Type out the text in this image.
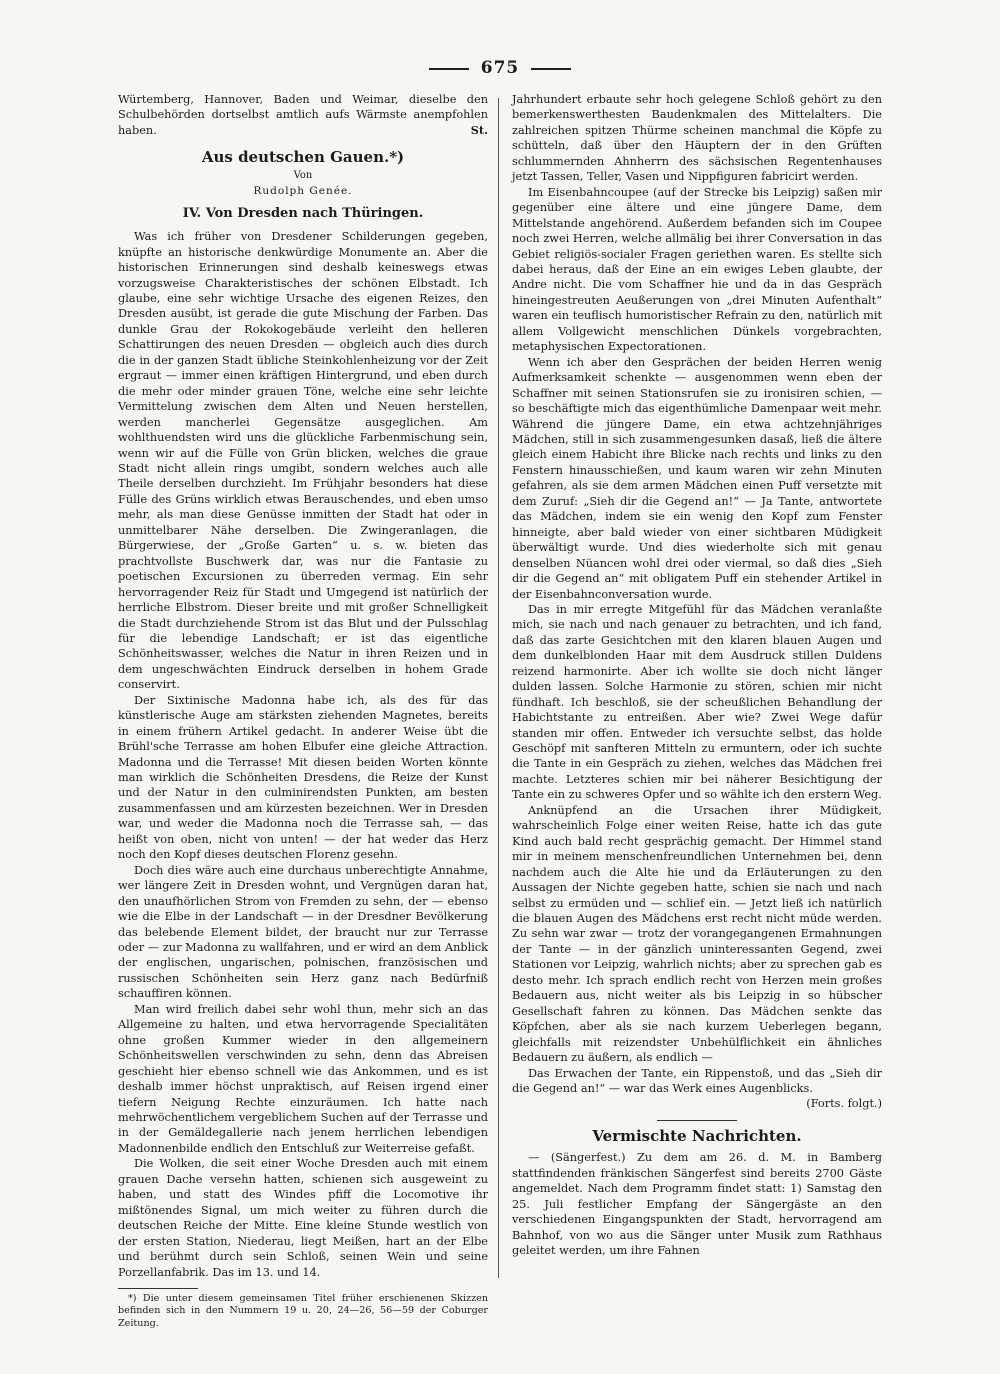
675

Würtemberg, Hannover, Baden und Weimar, dieselbe den Schulbehörden dortselbst amtlich aufs Wärmste anempfohlen haben.	St.

Aus deutschen Gauen.*)
Von
Rudolph Genée.
IV. Von Dresden nach Thüringen.

Was ich früher von Dresdener Schilderungen gegeben, knüpfte an historische denkwürdige Monumente an. Aber die historischen Erinnerungen sind deshalb keineswegs etwas vorzugsweise Charakteristisches der schönen Elbstadt. Ich glaube, eine sehr wichtige Ursache des eigenen Reizes, den Dresden ausübt, ist gerade die gute Mischung der Farben. Das dunkle Grau der Rokokogebäude verleiht den helleren Schattirungen des neuen Dresden — obgleich auch dies durch die in der ganzen Stadt übliche Steinkohlenheizung vor der Zeit ergraut — immer einen kräftigen Hintergrund, und eben durch die mehr oder minder grauen Töne, welche eine sehr leichte Vermittelung zwischen dem Alten und Neuen herstellen, werden mancherlei Gegensätze ausgeglichen. Am wohlthuendsten wird uns die glückliche Farbenmischung sein, wenn wir auf die Fülle von Grün blicken, welches die graue Stadt nicht allein rings umgibt, sondern welches auch alle Theile derselben durchzieht. Im Frühjahr besonders hat diese Fülle des Grüns wirklich etwas Berauschendes, und eben umso mehr, als man diese Genüsse inmitten der Stadt hat oder in unmittelbarer Nähe derselben. Die Zwingeranlagen, die Bürgerwiese, der „Große Garten“ u. s. w. bieten das prachtvollste Buschwerk dar, was nur die Fantasie zu poetischen Excursionen zu überreden vermag. Ein sehr hervorragender Reiz für Stadt und Umgegend ist natürlich der herrliche Elbstrom. Dieser breite und mit großer Schnelligkeit die Stadt durchziehende Strom ist das Blut und der Pulsschlag für die lebendige Landschaft; er ist das eigentliche Schönheitswasser, welches die Natur in ihren Reizen und in dem ungeschwächten Eindruck derselben in hohem Grade conservirt.

Der Sixtinische Madonna habe ich, als des für das künstlerische Auge am stärksten ziehenden Magnetes, bereits in einem frühern Artikel gedacht. In anderer Weise übt die Brühl'sche Terrasse am hohen Elbufer eine gleiche Attraction. Madonna und die Terrasse! Mit diesen beiden Worten könnte man wirklich die Schönheiten Dresdens, die Reize der Kunst und der Natur in den culminirendsten Punkten, am besten zusammenfassen und am kürzesten bezeichnen. Wer in Dresden war, und weder die Madonna noch die Terrasse sah, — das heißt von oben, nicht von unten! — der hat weder das Herz noch den Kopf dieses deutschen Florenz gesehn.

Doch dies wäre auch eine durchaus unberechtigte Annahme, wer längere Zeit in Dresden wohnt, und Vergnügen daran hat, den unaufhörlichen Strom von Fremden zu sehn, der — ebenso wie die Elbe in der Landschaft — in der Dresdner Bevölkerung das belebende Element bildet, der braucht nur zur Terrasse oder — zur Madonna zu wallfahren, und er wird an dem Anblick der englischen, ungarischen, polnischen, französischen und russischen Schönheiten sein Herz ganz nach Bedürfniß schauffiren können.

Man wird freilich dabei sehr wohl thun, mehr sich an das Allgemeine zu halten, und etwa hervorragende Specialitäten ohne großen Kummer wieder in den allgemeinern Schönheitswellen verschwinden zu sehn, denn das Abreisen geschieht hier ebenso schnell wie das Ankommen, und es ist deshalb immer höchst unpraktisch, auf Reisen irgend einer tiefern Neigung Rechte einzuräumen. Ich hatte nach mehrwöchentlichem vergeblichem Suchen auf der Terrasse und in der Gemäldegallerie nach jenem herrlichen lebendigen Madonnenbilde endlich den Entschluß zur Weiterreise gefaßt.

Die Wolken, die seit einer Woche Dresden auch mit einem grauen Dache versehn hatten, schienen sich ausgeweint zu haben, und statt des Windes pfiff die Locomotive ihr mißtönendes Signal, um mich weiter zu führen durch die deutschen Reiche der Mitte. Eine kleine Stunde westlich von der ersten Station, Niederau, liegt Meißen, hart an der Elbe und berühmt durch sein Schloß, seinen Wein und seine Porzellanfabrik. Das im 13. und 14.

*) Die unter diesem gemeinsamen Titel früher erschienenen Skizzen befinden sich in den Nummern 19 u. 20, 24—26, 56—59 der Coburger Zeitung.

Jahrhundert erbaute sehr hoch gelegene Schloß gehört zu den bemerkenswerthesten Baudenkmalen des Mittelalters. Die zahlreichen spitzen Thürme scheinen manchmal die Köpfe zu schütteln, daß über den Häuptern der in den Grüften schlummernden Ahnherrn des sächsischen Regentenhauses jetzt Tassen, Teller, Vasen und Nippfiguren fabricirt werden.

Im Eisenbahncoupee (auf der Strecke bis Leipzig) saßen mir gegenüber eine ältere und eine jüngere Dame, dem Mittelstande angehörend. Außerdem befanden sich im Coupee noch zwei Herren, welche allmälig bei ihrer Conversation in das Gebiet religiös-socialer Fragen geriethen waren. Es stellte sich dabei heraus, daß der Eine an ein ewiges Leben glaubte, der Andre nicht. Die vom Schaffner hie und da in das Gespräch hineingestreuten Aeußerungen von „drei Minuten Aufenthalt“ waren ein teuflisch humoristischer Refrain zu den, natürlich mit allem Vollgewicht menschlichen Dünkels vorgebrachten, metaphysischen Expectorationen.

Wenn ich aber den Gesprächen der beiden Herren wenig Aufmerksamkeit schenkte — ausgenommen wenn eben der Schaffner mit seinen Stationsrufen sie zu ironisiren schien, — so beschäftigte mich das eigenthümliche Damenpaar weit mehr. Während die jüngere Dame, ein etwa achtzehnjähriges Mädchen, still in sich zusammengesunken dasaß, ließ die ältere gleich einem Habicht ihre Blicke nach rechts und links zu den Fenstern hinausschießen, und kaum waren wir zehn Minuten gefahren, als sie dem armen Mädchen einen Puff versetzte mit dem Zuruf: „Sieh dir die Gegend an!“ — Ja Tante, antwortete das Mädchen, indem sie ein wenig den Kopf zum Fenster hinneigte, aber bald wieder von einer sichtbaren Müdigkeit überwältigt wurde. Und dies wiederholte sich mit genau denselben Nüancen wohl drei oder viermal, so daß dies „Sieh dir die Gegend an“ mit obligatem Puff ein stehender Artikel in der Eisenbahnconversation wurde.

Das in mir erregte Mitgefühl für das Mädchen veranlaßte mich, sie nach und nach genauer zu betrachten, und ich fand, daß das zarte Gesichtchen mit den klaren blauen Augen und dem dunkelblonden Haar mit dem Ausdruck stillen Duldens reizend harmonirte. Aber ich wollte sie doch nicht länger dulden lassen. Solche Harmonie zu stören, schien mir nicht fündhaft. Ich beschloß, sie der scheußlichen Behandlung der Habichtstante zu entreißen. Aber wie? Zwei Wege dafür standen mir offen. Entweder ich versuchte selbst, das holde Geschöpf mit sanfteren Mitteln zu ermuntern, oder ich suchte die Tante in ein Gespräch zu ziehen, welches das Mädchen frei machte. Letzteres schien mir bei näherer Besichtigung der Tante ein zu schweres Opfer und so wählte ich den erstern Weg.

Anknüpfend an die Ursachen ihrer Müdigkeit, wahrscheinlich Folge einer weiten Reise, hatte ich das gute Kind auch bald recht gesprächig gemacht. Der Himmel stand mir in meinem menschenfreundlichen Unternehmen bei, denn nachdem auch die Alte hie und da Erläuterungen zu den Aussagen der Nichte gegeben hatte, schien sie nach und nach selbst zu ermüden und — schlief ein. — Jetzt ließ ich natürlich die blauen Augen des Mädchens erst recht nicht müde werden. Zu sehn war zwar — trotz der vorangegangenen Ermahnungen der Tante — in der gänzlich uninteressanten Gegend, zwei Stationen vor Leipzig, wahrlich nichts; aber zu sprechen gab es desto mehr. Ich sprach endlich recht von Herzen mein großes Bedauern aus, nicht weiter als bis Leipzig in so hübscher Gesellschaft fahren zu können. Das Mädchen senkte das Köpfchen, aber als sie nach kurzem Ueberlegen begann, gleichfalls mit reizendster Unbehülflichkeit ein ähnliches Bedauern zu äußern, als endlich —

Das Erwachen der Tante, ein Rippenstoß, und das „Sieh dir die Gegend an!“ — war das Werk eines Augenblicks.

(Forts. folgt.)
Vermischte Nachrichten.

— (Sängerfest.) Zu dem am 26. d. M. in Bamberg stattfindenden fränkischen Sängerfest sind bereits 2700 Gäste angemeldet. Nach dem Programm findet statt: 1) Samstag den 25. Juli festlicher Empfang der Sängergäste an den verschiedenen Eingangspunkten der Stadt, hervorragend am Bahnhof, von wo aus die Sänger unter Musik zum Rathhaus geleitet werden, um ihre Fahnen
